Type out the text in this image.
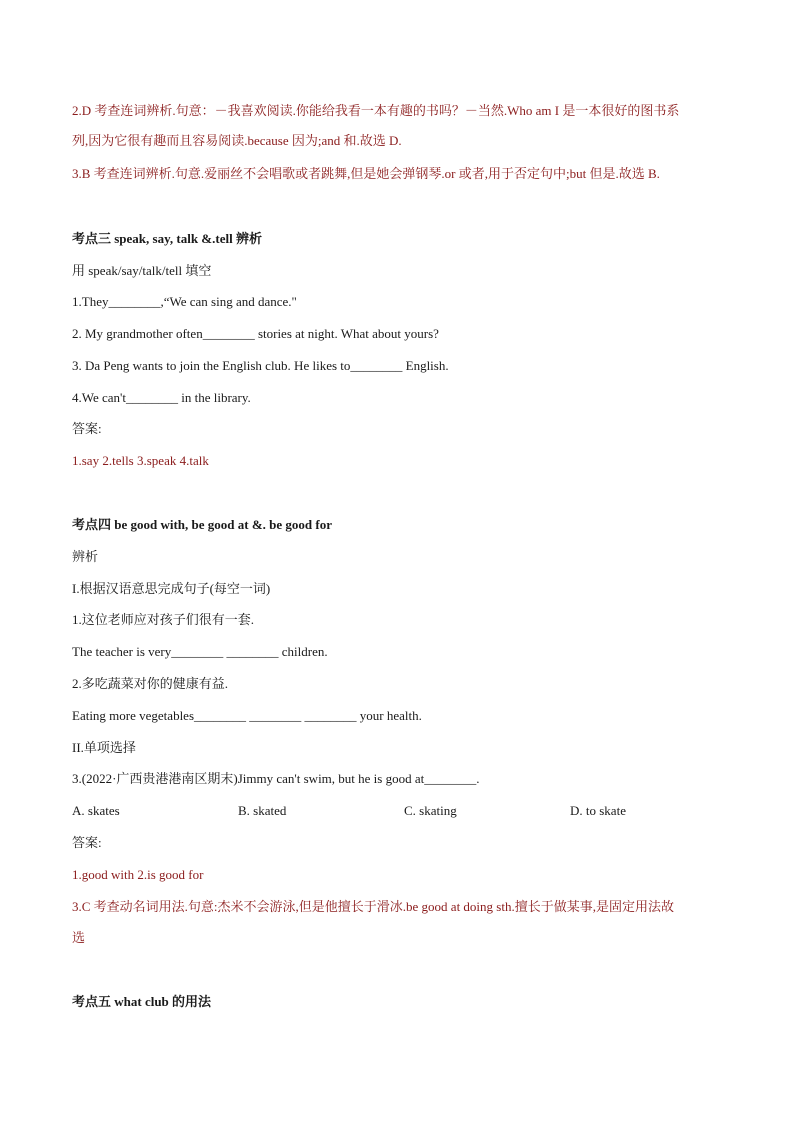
2.D 考查连词辨析.句意：－我喜欢阅读.你能给我看一本有趣的书吗？－当然.Who am I 是一本很好的图书系
列,因为它很有趣而且容易阅读.because 因为;and 和.故选 D.
3.B 考查连词辨析.句意.爱丽丝不会唱歌或者跳舞,但是她会弹钢琴.or 或者,用于否定句中;but 但是.故选 B.
考点三 speak, say, talk &.tell 辨析
用 speak/say/talk/tell 填空
1.They________,“We can sing and dance."
2. My grandmother often________ stories at night. What about yours?
3. Da Peng wants to join the English club. He likes to________ English.
4.We can't________ in the library.
答案:
1.say 2.tells 3.speak 4.talk
考点四 be good with, be good at &. be good for
辨析
I.根据汉语意思完成句子(每空一词)
1.这位老师应对孩子们很有一套.
The teacher is very________ ________ children.
2.多吃蔬菜对你的健康有益.
Eating more vegetables________ ________ ________ your health.
II.单项选择
3.(2022·广西贵港港南区期末)Jimmy can't swim, but he is good at________.
A. skates	B. skated	C. skating	D. to skate
答案:
1.good with 2.is good for
3.C 考查动名词用法.句意:杰米不会游泳,但是他擅长于滑冰.be good at doing sth.擅长于做某事,是固定用法故
选
考点五 what club 的用法
